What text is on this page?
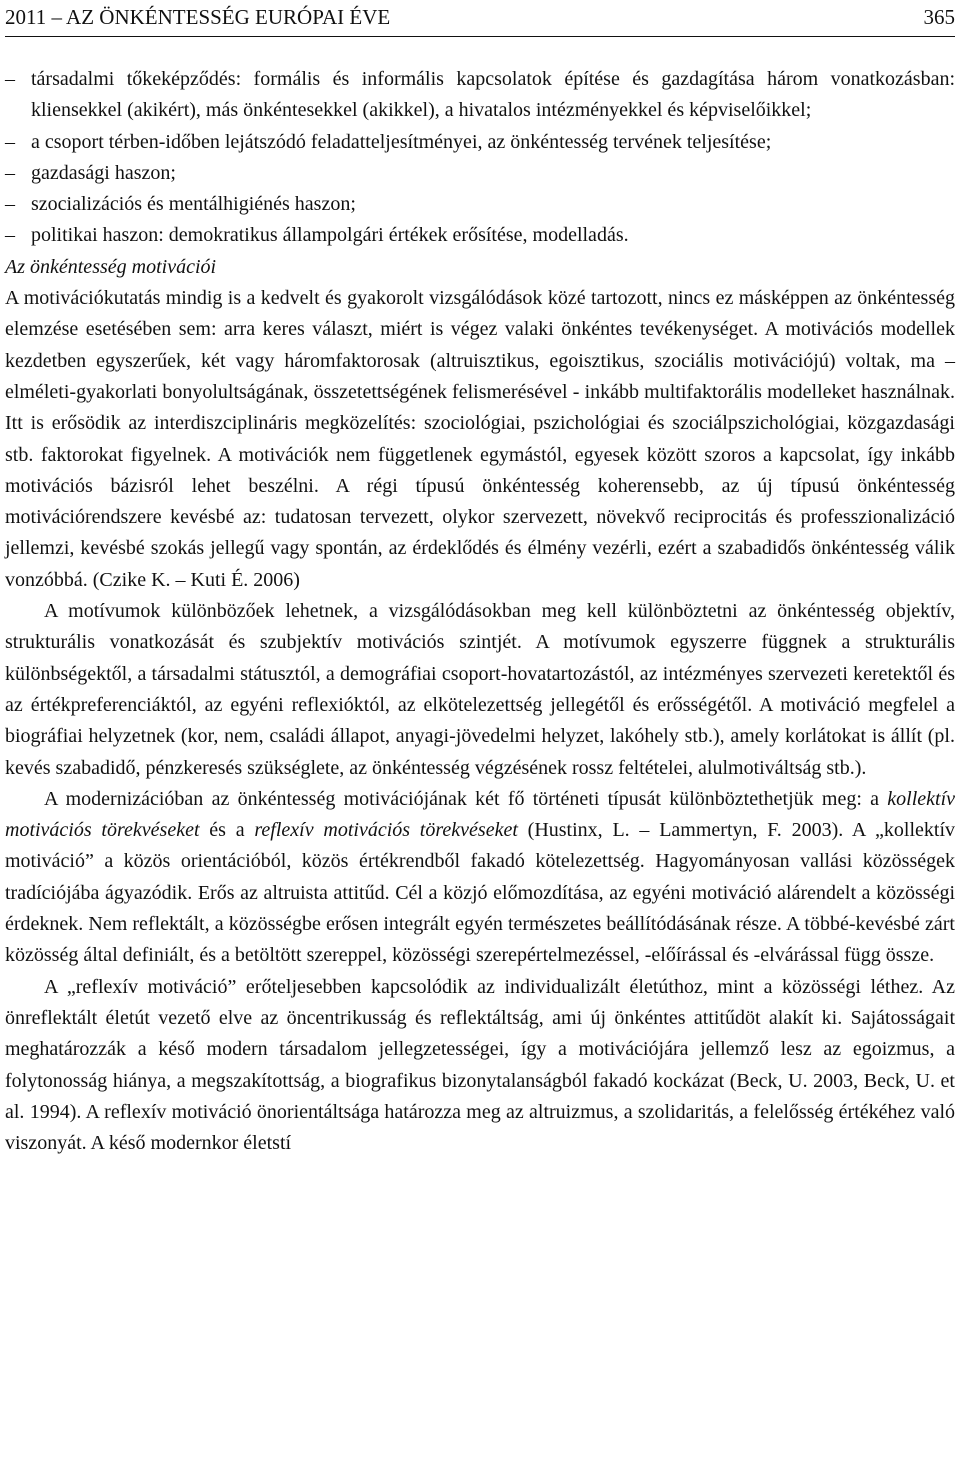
2011 – AZ ÖNKÉNTESSÉG EURÓPAI ÉVE	365
– társadalmi tőkeképződés: formális és informális kapcsolatok építése és gazdagítása három vonatkozásban: kliensekkel (akikért), más önkéntesekkel (akikkel), a hivatalos intézményekkel és képviselőikkel;
– a csoport térben-időben lejátszódó feladatteljesítményei, az önkéntesség tervének teljesítése;
– gazdasági haszon;
– szocializációs és mentálhigiénés haszon;
– politikai haszon: demokratikus állampolgári értékek erősítése, modelladás.

Az önkéntesség motivációi

A motivációkutatás mindig is a kedvelt és gyakorolt vizsgálódások közé tartozott, nincs ez másképpen az önkéntesség elemzése esetésében sem: arra keres választ, miért is végez valaki önkéntes tevékenységet. A motivációs modellek kezdetben egyszerűek, két vagy háromfaktorosak (altruisztikus, egoisztikus, szociális motivációjú) voltak, ma – elméleti-gyakorlati bonyolultságának, összetettségének felismerésével - inkább multifaktorális modelleket használnak. Itt is erősödik az interdiszciplináris megközelítés: szociológiai, pszichológiai és szociálpszichológiai, közgazdasági stb. faktorokat figyelnek. A motivációk nem függetlenek egymástól, egyesek között szoros a kapcsolat, így inkább motivációs bázisról lehet beszélni. A régi típusú önkéntesség koherensebb, az új típusú önkéntesség motivációrendszere kevésbé az: tudatosan tervezett, olykor szervezett, növekvő reciprocitás és professzionalizáció jellemzi, kevésbé szokás jellegű vagy spontán, az érdeklődés és élmény vezérli, ezért a szabadidős önkéntesség válik vonzóbbá. (Czike K. – Kuti É. 2006)

A motívumok különbözőek lehetnek, a vizsgálódásokban meg kell különböztetni az önkéntesség objektív, strukturális vonatkozását és szubjektív motivációs szintjét. A motívumok egyszerre függnek a strukturális különbségektől, a társadalmi státusztól, a demográfiai csoport-hovatartozástól, az intézményes szervezeti keretektől és az értékpreferenciáktól, az egyéni reflexióktól, az elkötelezettség jellegétől és erősségétől. A motiváció megfelel a biográfiai helyzetnek (kor, nem, családi állapot, anyagi-jövedelmi helyzet, lakóhely stb.), amely korlátokat is állít (pl. kevés szabadidő, pénzkeresés szükséglete, az önkéntesség végzésének rossz feltételei, alulmotiváltság stb.).

A modernizációban az önkéntesség motivációjának két fő történeti típusát különböztethetjük meg: a kollektív motivációs törekvéseket és a reflexív motivációs törekvéseket (Hustinx, L. – Lammertyn, F. 2003). A „kollektív motiváció” a közös orientációból, közös értékrendből fakadó kötelezettség. Hagyományosan vallási közösségek tradíciójába ágyazódik. Erős az altruista attitűd. Cél a közjó előmozdítása, az egyéni motiváció alárendelt a közösségi érdeknek. Nem reflektált, a közösségbe erősen integrált egyén természetes beállítódásának része. A többé-kevésbé zárt közösség által definiált, és a betöltött szereppel, közösségi szerepértelmezéssel, -előírással és -elvárással függ össze.

A „reflexív motiváció” erőteljesebben kapcsolódik az individualizált életúthoz, mint a közösségi léthez. Az önreflektált életút vezető elve az öncentrikusság és reflektáltság, ami új önkéntes attitűdöt alakít ki. Sajátosságait meghatározzák a késő modern társadalom jellegzetességei, így a motivációjára jellemző lesz az egoizmus, a folytonosság hiánya, a megszakítottság, a biografikus bizonytalanságból fakadó kockázat (Beck, U. 2003, Beck, U. et al. 1994). A reflexív motiváció önorientáltsága határozza meg az altruizmus, a szolidaritás, a felelősség értékéhez való viszonyát. A késő modernkor életstí
